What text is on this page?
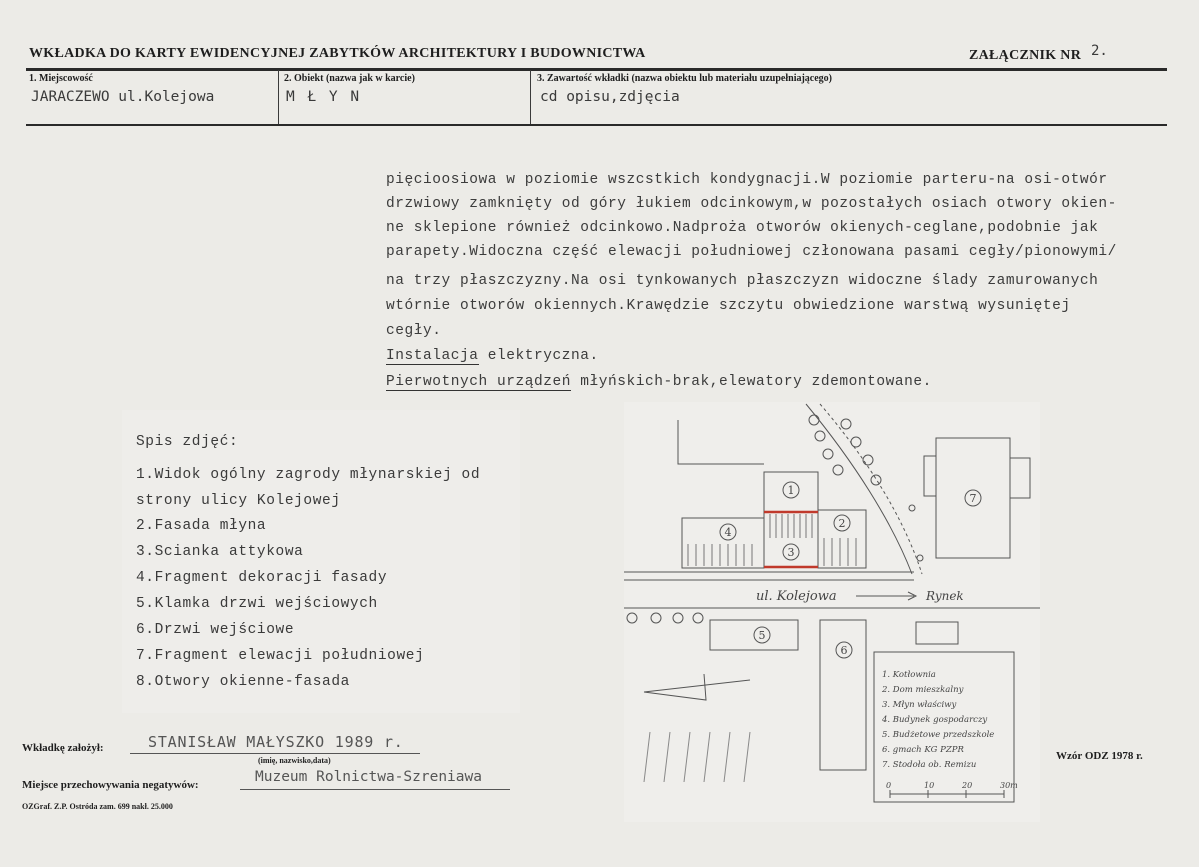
WKŁADKA DO KARTY EWIDENCYJNEJ ZABYTKÓW ARCHITEKTURY I BUDOWNICTWA	ZAŁĄCZNIK NR 2.
1. Miejscowość
JARACZEWO ul.Kolejowa
2. Obiekt (nazwa jak w karcie)
M Ł Y N
3. Zawartość wkładki (nazwa obiektu lub materiału uzupełniającego)
cd opisu,zdjęcia
pięcioosiowa w poziomie wszcstkich kondygnacji.W poziomie parteru-na osi-otwór
drzwiowy zamknięty od góry łukiem odcinkowym,w pozostałych osiach otwory okien-
ne sklepione również odcinkowo.Nadproża otworów okienych-ceglane,podobnie jak
parapety.Widoczna część elewacji południowej członowana pasami cegły/pionowymi/
na trzy płaszczyzny.Na osi tynkowanych płaszczyzn widoczne ślady zamurowanych
wtórnie otworów okiennych.Krawędzie szczytu obwiedzione warstwą wysuniętej
cegły.
Instalacja elektryczna.
Pierwotnych urządzeń młyńskich-brak,elewatory zdemontowane.
Spis zdjęć:
1.Widok ogólny zagrody młynarskiej od
strony ulicy Kolejowej
2.Fasada młyna
3.Scianka attykowa
4.Fragment dekoracji fasady
5.Klamka drzwi wejściowych
6.Drzwi wejściowe
7.Fragment elewacji południowej
8.Otwory okienne-fasada
1
2
3
4
5
6
7
ul. Kolejowa	Rynek
1. Kotłownia
2. Dom mieszkalny
3. Młyn właściwy
4. Budynek gospodarczy
5. Budżetowe przedszkole
6. gmach KG PZPR
7. Stodoła ob. Remizu
0	10	20	30m
Wkładkę założył:	STANISŁAW MAŁYSZKO 1989 r.
(imię, nazwisko,data)
Miejsce przechowywania negatywów:	Muzeum Rolnictwa-Szreniawa
OZGraf. Z.P. Ostróda zam. 699 nakł. 25.000
Wzór ODZ 1978 r.
